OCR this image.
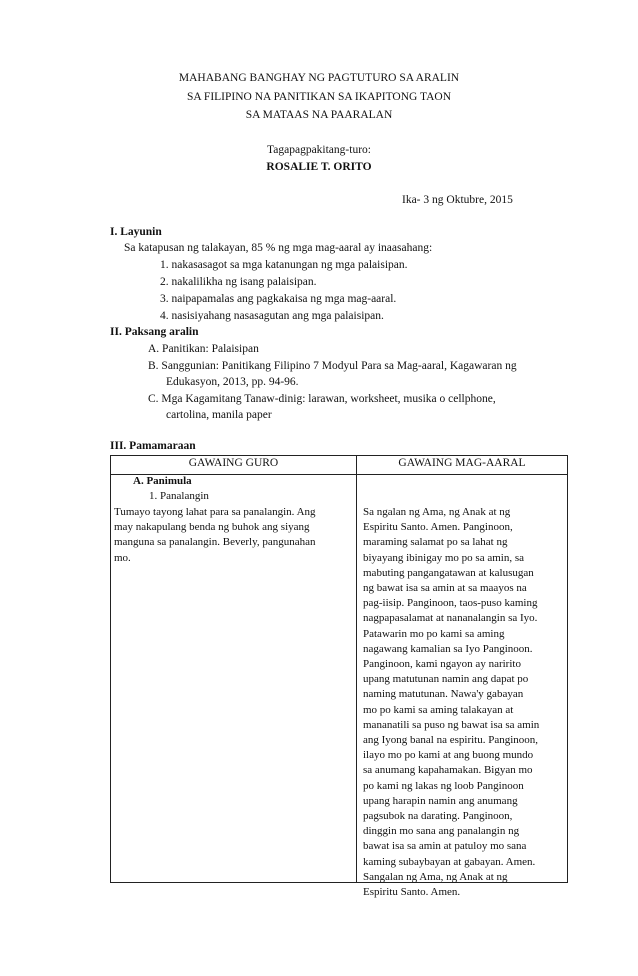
MAHABANG BANGHAY NG PAGTUTURO SA ARALIN
SA FILIPINO NA PANITIKAN SA IKAPITONG TAON
SA MATAAS NA PAARALAN
Tagapagpakitang-turo:
ROSALIE T. ORITO
Ika- 3 ng Oktubre, 2015
I. Layunin
Sa katapusan ng talakayan, 85 % ng mga mag-aaral ay inaasahang:
1. nakasasagot sa mga katanungan ng mga palaisipan.
2. nakalilikha ng isang palaisipan.
3. naipapamalas ang pagkakaisa ng mga mag-aaral.
4. nasisiyahang nasasagutan ang mga palaisipan.
II. Paksang aralin
A. Panitikan: Palaisipan
B. Sanggunian: Panitikang Filipino 7 Modyul Para sa Mag-aaral, Kagawaran ng
Edukasyon, 2013, pp. 94-96.
C. Mga Kagamitang Tanaw-dinig: larawan, worksheet, musika o cellphone,
cartolina, manila paper
III. Pamamaraan
GAWAING GURO	GAWAING MAG-AARAL
A. Panimula
1. Panalangin
Tumayo tayong lahat para sa panalangin. Ang
may nakapulang benda ng buhok ang siyang
manguna sa panalangin. Beverly, pangunahan
mo.
Sa ngalan ng Ama, ng Anak at ng
Espiritu Santo. Amen. Panginoon,
maraming salamat po sa lahat ng
biyayang ibinigay mo po sa amin, sa
mabuting pangangatawan at kalusugan
ng bawat isa sa amin at sa maayos na
pag-iisip. Panginoon, taos-puso kaming
nagpapasalamat at nananalangin sa Iyo.
Patawarin mo po kami sa aming
nagawang kamalian sa Iyo Panginoon.
Panginoon, kami ngayon ay naririto
upang matutunan namin ang dapat po
naming matutunan. Nawa'y gabayan
mo po kami sa aming talakayan at
mananatili sa puso ng bawat isa sa amin
ang Iyong banal na espiritu. Panginoon,
ilayo mo po kami at ang buong mundo
sa anumang kapahamakan. Bigyan mo
po kami ng lakas ng loob Panginoon
upang harapin namin ang anumang
pagsubok na darating. Panginoon,
dinggin mo sana ang panalangin ng
bawat isa sa amin at patuloy mo sana
kaming subaybayan at gabayan. Amen.
Sangalan ng Ama, ng Anak at ng
Espiritu Santo. Amen.
